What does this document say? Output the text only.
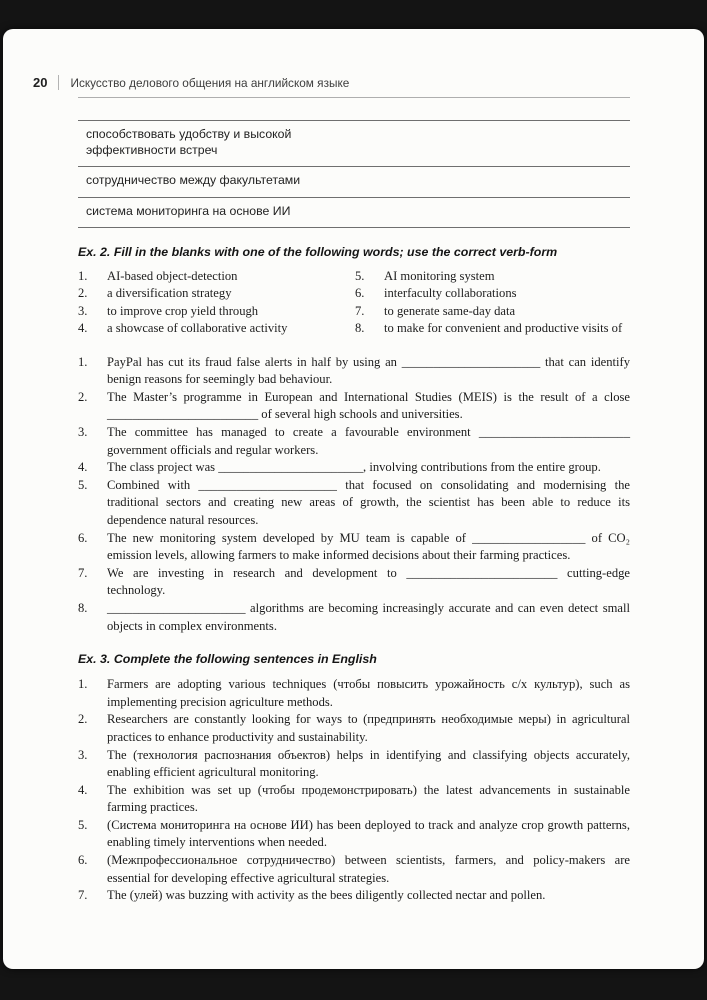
20 Искусство делового общения на английском языке
способствовать удобству и высокой эффективности встреч
сотрудничество между факультетами
система мониторинга на основе ИИ
Ex. 2. Fill in the blanks with one of the following words; use the correct verb-form
1.	AI-based object-detection	5.	AI monitoring system
2.	a diversification strategy	6.	interfaculty collaborations
3.	to improve crop yield through	7.	to generate same-day data
4.	a showcase of collaborative activity	8.	to make for convenient and productive visits of
1.	PayPal has cut its fraud false alerts in half by using an ______________________ that can identify benign reasons for seemingly bad behaviour.
2.	The Master’s programme in European and International Studies (MEIS) is the result of a close ________________________ of several high schools and universities.
3.	The committee has managed to create a favourable environment ________________________ government officials and regular workers.
4.	The class project was _______________________, involving contributions from the entire group.
5.	Combined with ______________________ that focused on consolidating and modernising the traditional sectors and creating new areas of growth, the scientist has been able to reduce its dependence natural resources.
6.	The new monitoring system developed by MU team is capable of __________________ of CO₂ emission levels, allowing farmers to make informed decisions about their farming practices.
7.	We are investing in research and development to ________________________ cutting-edge technology.
8.	______________________ algorithms are becoming increasingly accurate and can even detect small objects in complex environments.
Ex. 3. Complete the following sentences in English
1.	Farmers are adopting various techniques (чтобы повысить урожайность с/х культур), such as implementing precision agriculture methods.
2.	Researchers are constantly looking for ways to (предпринять необходимые меры) in agricultural practices to enhance productivity and sustainability.
3.	The (технология распознания объектов) helps in identifying and classifying objects accurately, enabling efficient agricultural monitoring.
4.	The exhibition was set up (чтобы продемонстрировать) the latest advancements in sustainable farming practices.
5.	(Система мониторинга на основе ИИ) has been deployed to track and analyze crop growth patterns, enabling timely interventions when needed.
6.	(Межпрофессиональное сотрудничество) between scientists, farmers, and policy-makers are essential for developing effective agricultural strategies.
7.	The (улей) was buzzing with activity as the bees diligently collected nectar and pollen.
